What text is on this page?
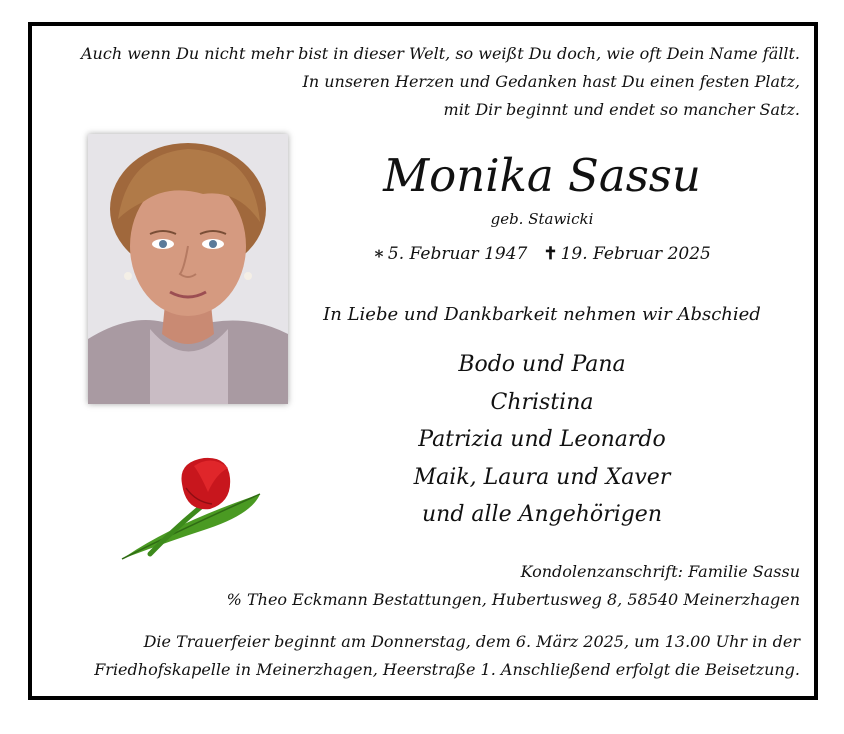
Auch wenn Du nicht mehr bist in dieser Welt, so weißt Du doch, wie oft Dein Name fällt.
In unseren Herzen und Gedanken hast Du einen festen Platz,
mit Dir beginnt und endet so mancher Satz.
Monika Sassu
geb. Stawicki
∗ 5. Februar 1947 ✝ 19. Februar 2025
In Liebe und Dankbarkeit nehmen wir Abschied
Bodo und Pana
Christina
Patrizia und Leonardo
Maik, Laura und Xaver
und alle Angehörigen
Kondolenzanschrift: Familie Sassu
% Theo Eckmann Bestattungen, Hubertusweg 8, 58540 Meinerzhagen
Die Trauerfeier beginnt am Donnerstag, dem 6. März 2025, um 13.00 Uhr in der
Friedhofskapelle in Meinerzhagen, Heerstraße 1. Anschließend erfolgt die Beisetzung.
